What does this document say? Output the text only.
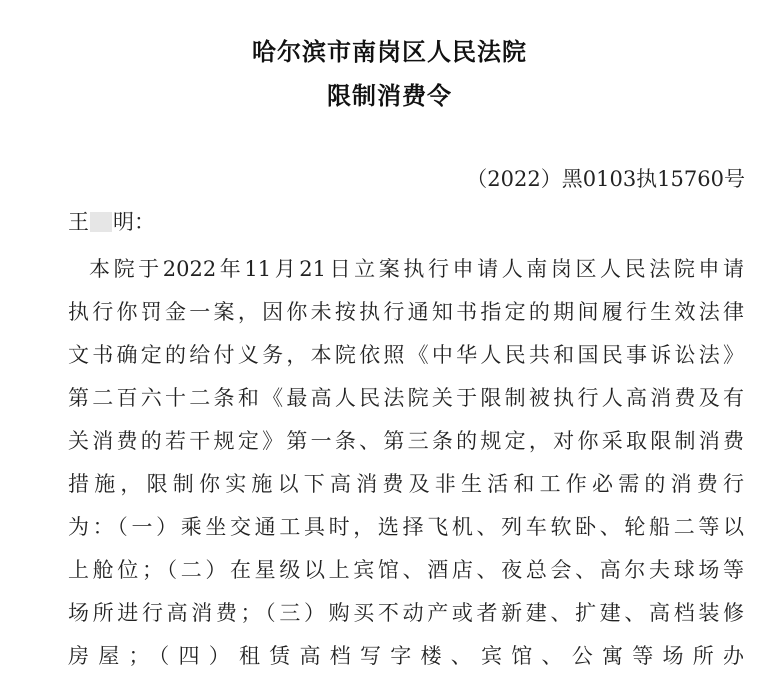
哈尔滨市南岗区人民法院
限制消费令
（2022）黑0103执15760号
王 明：
本院于2022年11月21日立案执行申请人南岗区人民法院申请
执行你罚金一案，因你未按执行通知书指定的期间履行生效法律
文书确定的给付义务，本院依照《中华人民共和国民事诉讼法》
第二百六十二条和《最高人民法院关于限制被执行人高消费及有
关消费的若干规定》第一条、第三条的规定，对你采取限制消费
措施，限制你实施以下高消费及非生活和工作必需的消费行
为：（一）乘坐交通工具时，选择飞机、列车软卧、轮船二等以
上舱位；（二）在星级以上宾馆、酒店、夜总会、高尔夫球场等
场所进行高消费；（三）购买不动产或者新建、扩建、高档装修
房屋；（四）租赁高档写字楼、宾馆、公寓等场所办
